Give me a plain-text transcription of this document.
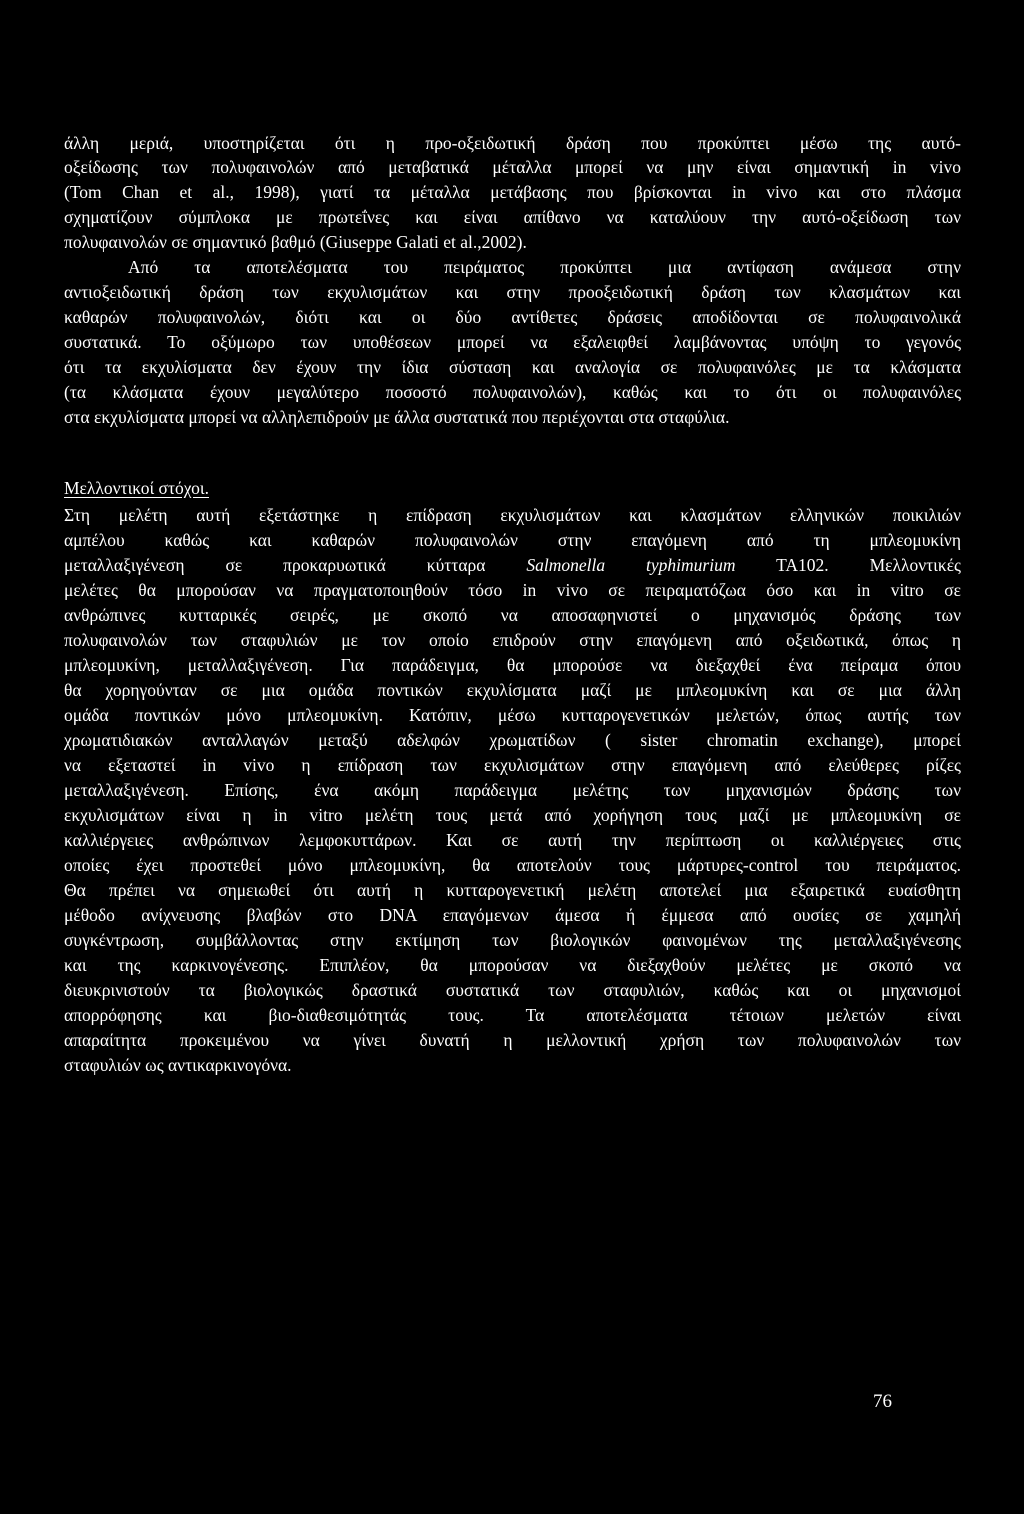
άλλη μεριά, υποστηρίζεται ότι η προ-οξειδωτική δράση που προκύπτει μέσω της αυτό-
οξείδωσης των πολυφαινολών από μεταβατικά μέταλλα μπορεί να μην είναι σημαντική in vivo
(Tom Chan et al., 1998), γιατί τα μέταλλα μετάβασης που βρίσκονται in vivo και στο πλάσμα
σχηματίζουν σύμπλοκα με πρωτεΐνες και είναι απίθανο να καταλύουν την αυτό-οξείδωση των
πολυφαινολών σε σημαντικό βαθμό (Giuseppe Galati et al.,2002).
Από τα αποτελέσματα του πειράματος προκύπτει μια αντίφαση ανάμεσα στην
αντιοξειδωτική δράση των εκχυλισμάτων και στην προοξειδωτική δράση των κλασμάτων και
καθαρών πολυφαινολών, διότι και οι δύο αντίθετες δράσεις αποδίδονται σε πολυφαινολικά
συστατικά. Το οξύμωρο των υποθέσεων μπορεί να εξαλειφθεί λαμβάνοντας υπόψη το γεγονός
ότι τα εκχυλίσματα δεν έχουν την ίδια σύσταση και αναλογία σε πολυφαινόλες με τα κλάσματα
(τα κλάσματα έχουν μεγαλύτερο ποσοστό πολυφαινολών), καθώς και το ότι οι πολυφαινόλες
στα εκχυλίσματα μπορεί να αλληλεπιδρούν με άλλα συστατικά που περιέχονται στα σταφύλια.
Μελλοντικοί στόχοι.
Στη μελέτη αυτή εξετάστηκε η επίδραση εκχυλισμάτων και κλασμάτων ελληνικών ποικιλιών
αμπέλου καθώς και καθαρών πολυφαινολών στην επαγόμενη από τη μπλεομυκίνη
μεταλλαξιγένεση σε προκαρυωτικά κύτταρα Salmonella typhimurium TA102. Μελλοντικές
μελέτες θα μπορούσαν να πραγματοποιηθούν τόσο in vivo σε πειραματόζωα όσο και in vitro σε
ανθρώπινες κυτταρικές σειρές, με σκοπό να αποσαφηνιστεί ο μηχανισμός δράσης των
πολυφαινολών των σταφυλιών με τον οποίο επιδρούν στην επαγόμενη από οξειδωτικά, όπως η
μπλεομυκίνη, μεταλλαξιγένεση. Για παράδειγμα, θα μπορούσε να διεξαχθεί ένα πείραμα όπου
θα χορηγούνταν σε μια ομάδα ποντικών εκχυλίσματα μαζί με μπλεομυκίνη και σε μια άλλη
ομάδα ποντικών μόνο μπλεομυκίνη. Κατόπιν, μέσω κυτταρογενετικών μελετών, όπως αυτής των
χρωματιδιακών ανταλλαγών μεταξύ αδελφών χρωματίδων ( sister chromatin exchange), μπορεί
να εξεταστεί in vivo η επίδραση των εκχυλισμάτων στην επαγόμενη από ελεύθερες ρίζες
μεταλλαξιγένεση. Επίσης, ένα ακόμη παράδειγμα μελέτης των μηχανισμών δράσης των
εκχυλισμάτων είναι η in vitro μελέτη τους μετά από χορήγηση τους μαζί με μπλεομυκίνη σε
καλλιέργειες ανθρώπινων λεμφοκυττάρων. Και σε αυτή την περίπτωση οι καλλιέργειες στις
οποίες έχει προστεθεί μόνο μπλεομυκίνη, θα αποτελούν τους μάρτυρες-control του πειράματος.
Θα πρέπει να σημειωθεί ότι αυτή η κυτταρογενετική μελέτη αποτελεί μια εξαιρετικά ευαίσθητη
μέθοδο ανίχνευσης βλαβών στο DNA επαγόμενων άμεσα ή έμμεσα από ουσίες σε χαμηλή
συγκέντρωση, συμβάλλοντας στην εκτίμηση των βιολογικών φαινομένων της μεταλλαξιγένεσης
και της καρκινογένεσης. Επιπλέον, θα μπορούσαν να διεξαχθούν μελέτες με σκοπό να
διευκρινιστούν τα βιολογικώς δραστικά συστατικά των σταφυλιών, καθώς και οι μηχανισμοί
απορρόφησης και βιο-διαθεσιμότητάς τους. Τα αποτελέσματα τέτοιων μελετών είναι
απαραίτητα προκειμένου να γίνει δυνατή η μελλοντική χρήση των πολυφαινολών των
σταφυλιών ως αντικαρκινογόνα.
76
